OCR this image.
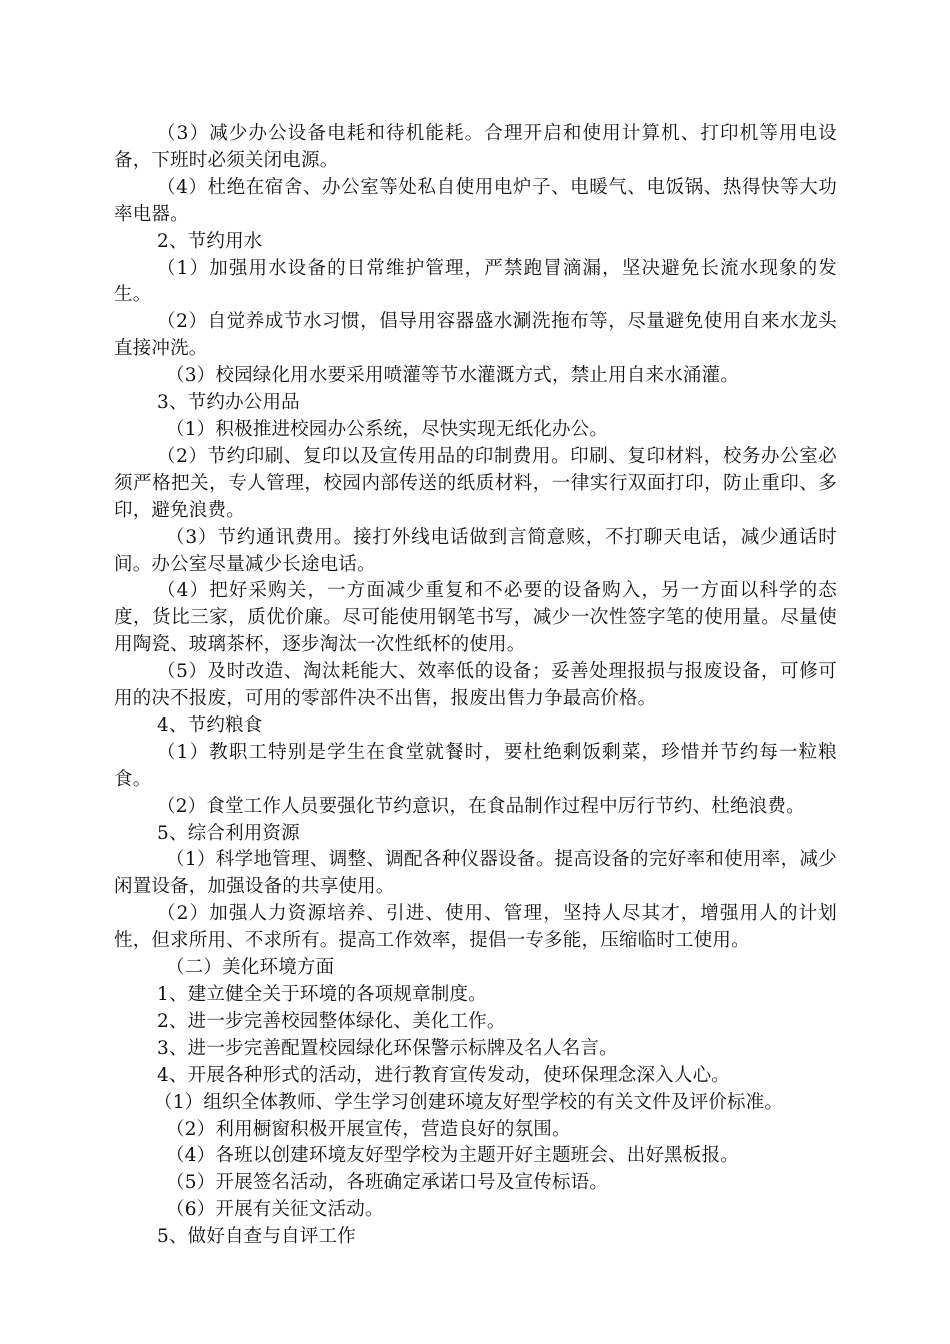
（3）减少办公设备电耗和待机能耗。合理开启和使用计算机、打印机等用电设备，下班时必须关闭电源。

（4）杜绝在宿舍、办公室等处私自使用电炉子、电暖气、电饭锅、热得快等大功率电器。

2、节约用水

（1）加强用水设备的日常维护管理，严禁跑冒滴漏，坚决避免长流水现象的发生。

（2）自觉养成节水习惯，倡导用容器盛水涮洗拖布等，尽量避免使用自来水龙头直接冲洗。

（3）校园绿化用水要采用喷灌等节水灌溉方式，禁止用自来水涌灌。

3、节约办公用品

（1）积极推进校园办公系统，尽快实现无纸化办公。

（2）节约印刷、复印以及宣传用品的印制费用。印刷、复印材料，校务办公室必须严格把关，专人管理，校园内部传送的纸质材料，一律实行双面打印，防止重印、多印，避免浪费。

（3）节约通讯费用。接打外线电话做到言简意赅，不打聊天电话，减少通话时间。办公室尽量减少长途电话。

（4）把好采购关，一方面减少重复和不必要的设备购入，另一方面以科学的态度，货比三家，质优价廉。尽可能使用钢笔书写，减少一次性签字笔的使用量。尽量使用陶瓷、玻璃茶杯，逐步淘汰一次性纸杯的使用。

（5）及时改造、淘汰耗能大、效率低的设备；妥善处理报损与报废设备，可修可用的决不报废，可用的零部件决不出售，报废出售力争最高价格。

4、节约粮食

（1）教职工特别是学生在食堂就餐时，要杜绝剩饭剩菜，珍惜并节约每一粒粮食。

（2）食堂工作人员要强化节约意识，在食品制作过程中厉行节约、杜绝浪费。

5、综合利用资源

（1）科学地管理、调整、调配各种仪器设备。提高设备的完好率和使用率，减少闲置设备，加强设备的共享使用。

（2）加强人力资源培养、引进、使用、管理，坚持人尽其才，增强用人的计划性，但求所用、不求所有。提高工作效率，提倡一专多能，压缩临时工使用。

（二）美化环境方面

1、建立健全关于环境的各项规章制度。

2、进一步完善校园整体绿化、美化工作。

3、进一步完善配置校园绿化环保警示标牌及名人名言。

4、开展各种形式的活动，进行教育宣传发动，使环保理念深入人心。

（1）组织全体教师、学生学习创建环境友好型学校的有关文件及评价标准。

（2）利用橱窗积极开展宣传，营造良好的氛围。

（4）各班以创建环境友好型学校为主题开好主题班会、出好黑板报。

（5）开展签名活动，各班确定承诺口号及宣传标语。

（6）开展有关征文活动。

5、做好自查与自评工作
